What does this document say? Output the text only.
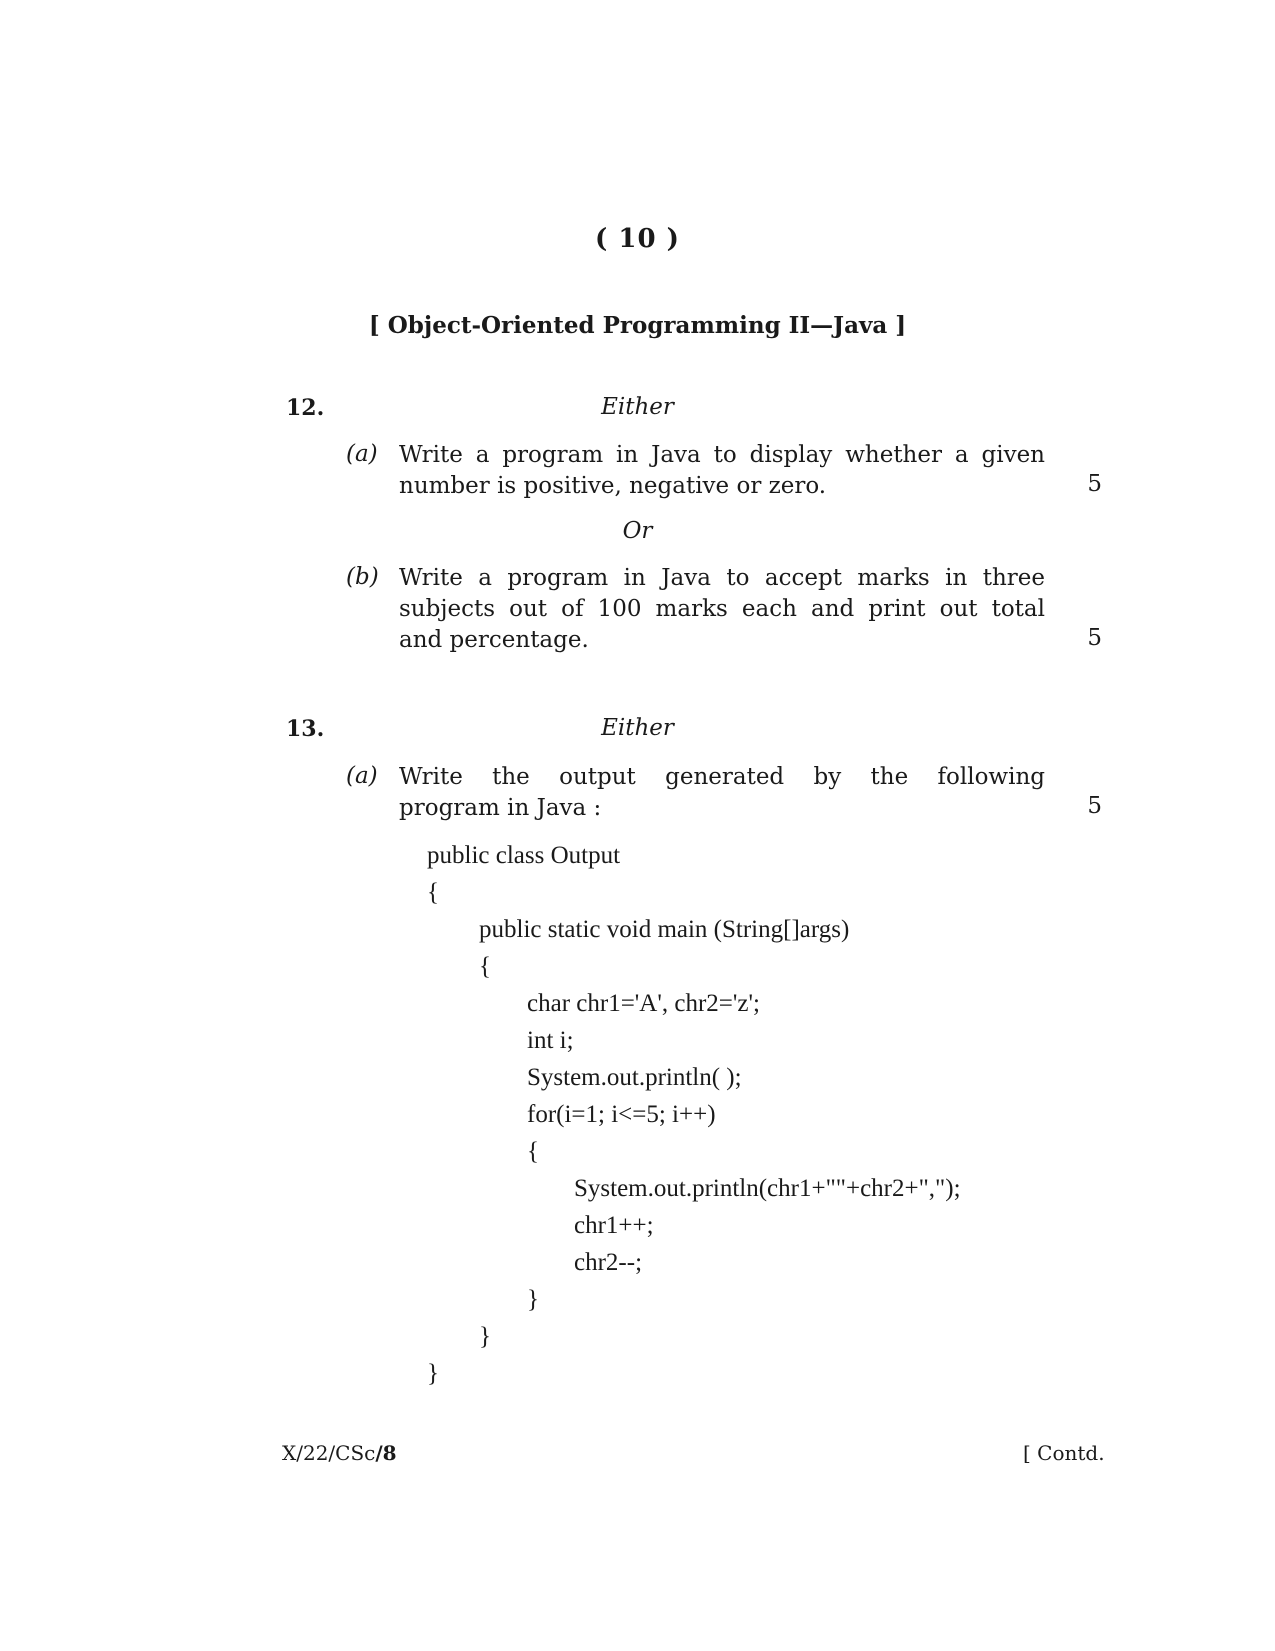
( 10 )
[ Object-Oriented Programming II—Java ]
12.	Either
(a) Write a program in Java to display whether a given
number is positive, negative or zero.	5
Or
(b) Write a program in Java to accept marks in three
subjects out of 100 marks each and print out total
and percentage.	5
13.	Either
(a) Write the output generated by the following
program in Java :	5
public class Output
{
public static void main (String[]args)
{
char chr1='A', chr2='z';
int i;
System.out.println( );
for(i=1; i<=5; i++)
{
System.out.println(chr1+""+chr2+",");
chr1++;
chr2--;
}
}
}
X/22/CSc/8	[ Contd.
